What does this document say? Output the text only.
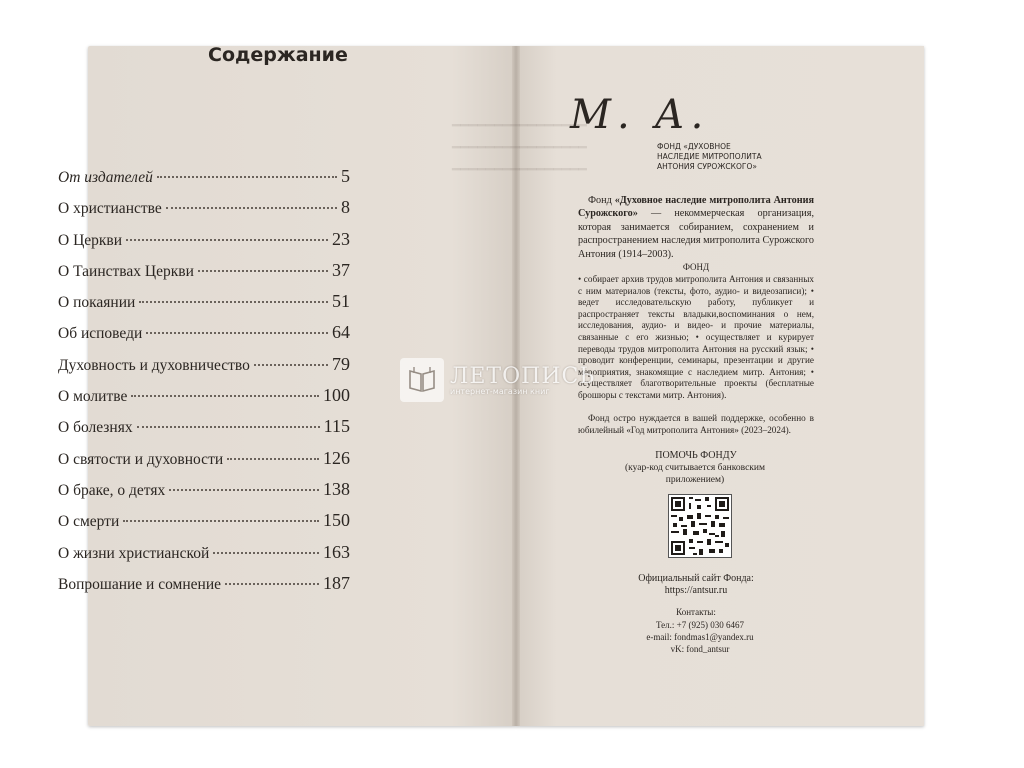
━━━━━━━━━━━━━━━━
━━━━━━━━━━━━━━━━
━━━━━━━━━━━━━━━━
Содержание
От издателей	5
О христианстве	8
О Церкви	23
О Таинствах Церкви	37
О покаянии	51
Об исповеди	64
Духовность и духовничество	79
О молитве	100
О болезнях	115
О святости и духовности	126
О браке, о детях	138
О смерти	150
О жизни христианской	163
Вопрошание и сомнение	187
М. А.
ФОНД «ДУХОВНОЕ НАСЛЕДИЕ МИТРОПОЛИТА АНТОНИЯ СУРОЖСКОГО»

Фонд «Духовное наследие митрополита Антония Сурожского» — некоммерческая организация, которая занимается собиранием, сохранением и распространением наследия митрополита Сурожского Антония (1914–2003).

ФОНД

• собирает архив трудов митрополита Антония и связанных с ним материалов (тексты, фото, аудио- и видеозаписи); • ведет исследовательскую работу, публикует и распространяет тексты владыки,воспоминания о нем, исследования, аудио- и видео- и прочие материалы, связанные с его жизнью; • осуществляет и курирует переводы трудов митрополита Антония на русский язык; • проводит конференции, семинары, презентации и другие мероприятия, знакомящие с наследием митр. Антония; • осуществляет благотворительные проекты (бесплатные брошюры с текстами митр. Антония).

Фонд остро нуждается в вашей поддержке, особенно в юбилейный «Год митрополита Антония» (2023–2024).

ПОМОЧЬ ФОНДУ
(куар-код считывается банковским приложением)
Официальный сайт Фонда:
https://antsur.ru
Контакты:
Тел.: +7 (925) 030 6467
e-mail: fondmas1@yandex.ru
vK: fond_antsur
ЛЕТОПИСЬ
интернет-магазин книг
